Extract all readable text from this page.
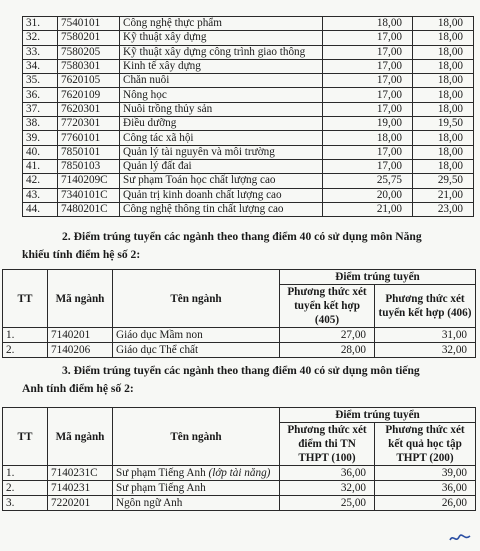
31.	7540101	Công nghệ thực phẩm	18,00	18,00
32.	7580201	Kỹ thuật xây dựng	17,00	18,00
33.	7580205	Kỹ thuật xây dựng công trình giao thông	17,00	18,00
34.	7580301	Kinh tế xây dựng	17,00	18,00
35.	7620105	Chăn nuôi	17,00	18,00
36.	7620109	Nông học	17,00	18,00
37.	7620301	Nuôi trồng thủy sản	17,00	18,00
38.	7720301	Điều dưỡng	19,00	19,50
39.	7760101	Công tác xã hội	18,00	18,00
40.	7850101	Quản lý tài nguyên và môi trường	17,00	18,00
41.	7850103	Quản lý đất đai	17,00	18,00
42.	7140209C	Sư phạm Toán học chất lượng cao	25,75	29,50
43.	7340101C	Quản trị kinh doanh chất lượng cao	20,00	21,00
44.	7480201C	Công nghệ thông tin chất lượng cao	21,00	23,00
2. Điểm trúng tuyển các ngành theo thang điểm 40 có sử dụng môn Năng
khiếu tính điểm hệ số 2:
TT	Mã ngành	Tên ngành	Điểm trúng tuyển	
			Phương thức xét tuyển kết hợp (405)	Phương thức xét tuyển kết hợp (406)
1.	7140201	Giáo dục Mầm non	27,00	31,00
2.	7140206	Giáo dục Thể chất	28,00	32,00
3. Điểm trúng tuyển các ngành theo thang điểm 40 có sử dụng môn tiếng
Anh tính điểm hệ số 2:
TT	Mã ngành	Tên ngành	Điểm trúng tuyển	
			Phương thức xét điểm thi TN THPT (100)	Phương thức xét kết quả học tập THPT (200)
1.	7140231C	Sư phạm Tiếng Anh (lớp tài năng)	36,00	39,00
2.	7140231	Sư phạm Tiếng Anh	32,00	36,00
3.	7220201	Ngôn ngữ Anh	25,00	26,00
